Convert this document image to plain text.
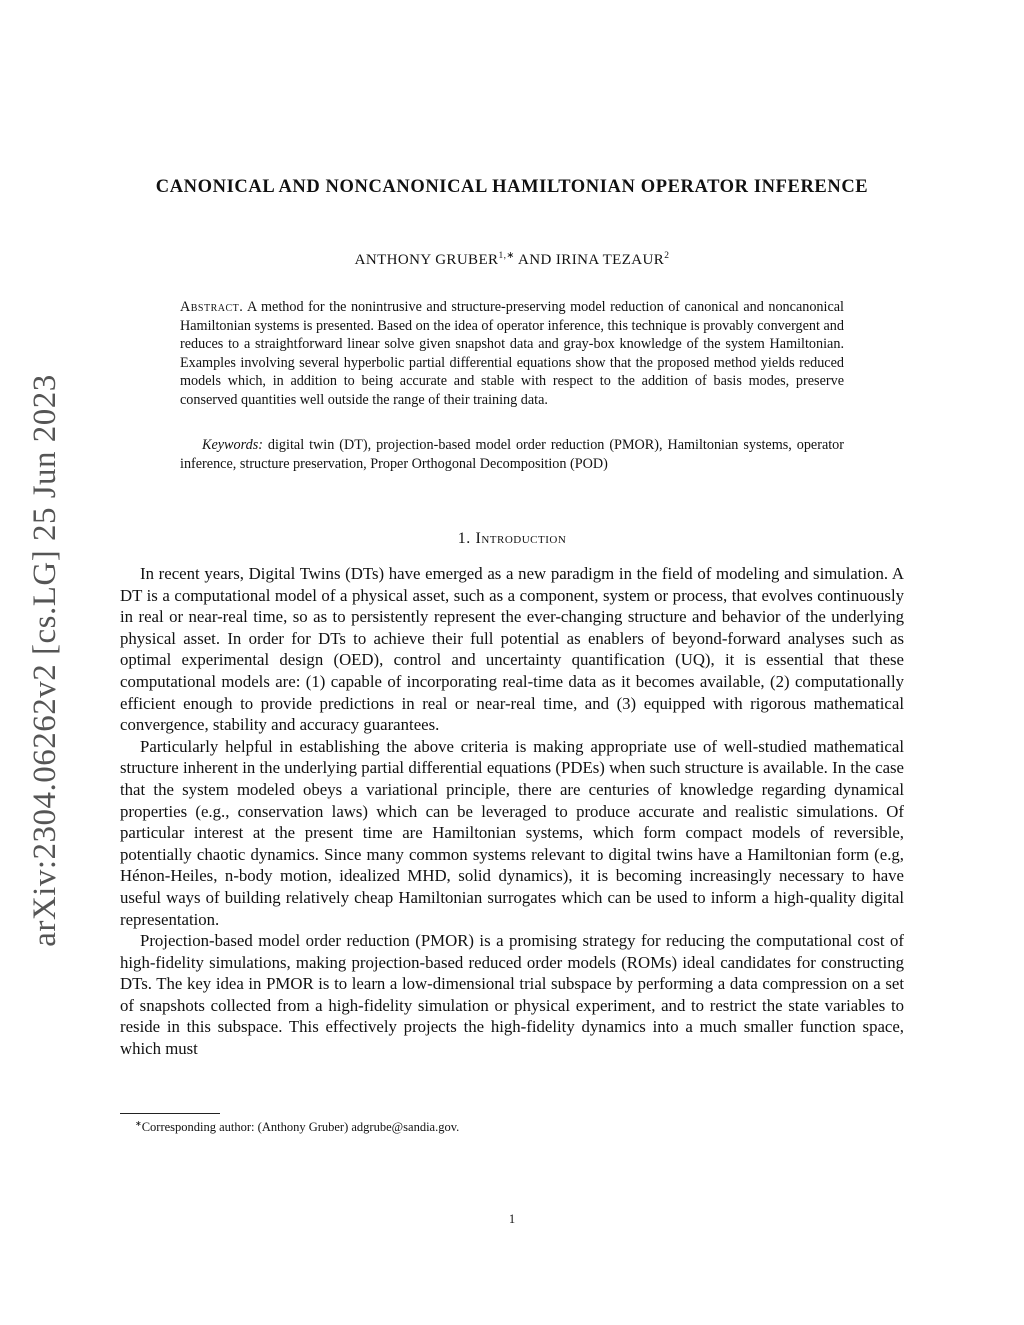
arXiv:2304.06262v2 [cs.LG] 25 Jun 2023
CANONICAL AND NONCANONICAL HAMILTONIAN OPERATOR INFERENCE
ANTHONY $GRUBER^{1,∗}$ AND IRINA TEZAUR$^2$

Abstract. A method for the nonintrusive and structure-preserving model reduction of canonical and noncanonical Hamiltonian systems is presented. Based on the idea of operator inference, this technique is provably convergent and reduces to a straightforward linear solve given snapshot data and gray-box knowledge of the system Hamiltonian. Examples involving several hyperbolic partial differential equations show that the proposed method yields reduced models which, in addition to being accurate and stable with respect to the addition of basis modes, preserve conserved quantities well outside the range of their training data.

Keywords: digital twin (DT), projection-based model order reduction (PMOR), Hamiltonian systems, operator inference, structure preservation, Proper Orthogonal Decomposition (POD)

1. Introduction

In recent years, Digital Twins (DTs) have emerged as a new paradigm in the field of modeling and simulation. A DT is a computational model of a physical asset, such as a component, system or process, that evolves continuously in real or near-real time, so as to persistently represent the ever-changing structure and behavior of the underlying physical asset. In order for DTs to achieve their full potential as enablers of beyond-forward analyses such as optimal experimental design (OED), control and uncertainty quantification (UQ), it is essential that these computational models are: (1) capable of incorporating real-time data as it becomes available, (2) computationally efficient enough to provide predictions in real or near-real time, and (3) equipped with rigorous mathematical convergence, stability and accuracy guarantees.

Particularly helpful in establishing the above criteria is making appropriate use of well-studied mathematical structure inherent in the underlying partial differential equations (PDEs) when such structure is available. In the case that the system modeled obeys a variational principle, there are centuries of knowledge regarding dynamical properties (e.g., conservation laws) which can be leveraged to produce accurate and realistic simulations. Of particular interest at the present time are Hamiltonian systems, which form compact models of reversible, potentially chaotic dynamics. Since many common systems relevant to digital twins have a Hamiltonian form (e.g, Hénon-Heiles, n-body motion, idealized MHD, solid dynamics), it is becoming increasingly necessary to have useful ways of building relatively cheap Hamiltonian surrogates which can be used to inform a high-quality digital representation.

Projection-based model order reduction (PMOR) is a promising strategy for reducing the computational cost of high-fidelity simulations, making projection-based reduced order models (ROMs) ideal candidates for constructing DTs. The key idea in PMOR is to learn a low-dimensional trial subspace by performing a data compression on a set of snapshots collected from a high-fidelity simulation or physical experiment, and to restrict the state variables to reside in this subspace. This effectively projects the high-fidelity dynamics into a much smaller function space, which must

∗Corresponding author: (Anthony Gruber) adgrube@sandia.gov.
1
